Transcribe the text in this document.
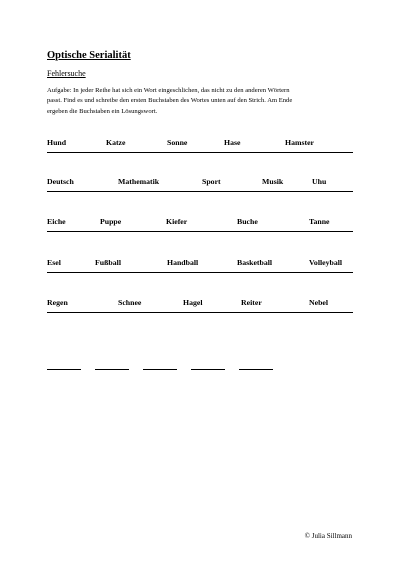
Optische Serialität
Fehlersuche
Aufgabe: In jeder Reihe hat sich ein Wort eingeschlichen, das nicht zu den anderen Wörtern
passt. Find es und schreibe den ersten Buchstaben des Wortes unten auf den Strich. Am Ende
ergeben die Buchstaben ein Lösungswort.
Hund	Katze	Sonne	Hase	Hamster
Deutsch	Mathematik	Sport	Musik	Uhu
Eiche	Puppe	Kiefer	Buche	Tanne
Esel	Fußball	Handball	Basketball	Volleyball
Regen	Schnee	Hagel	Reiter	Nebel
© Julia Sillmann
